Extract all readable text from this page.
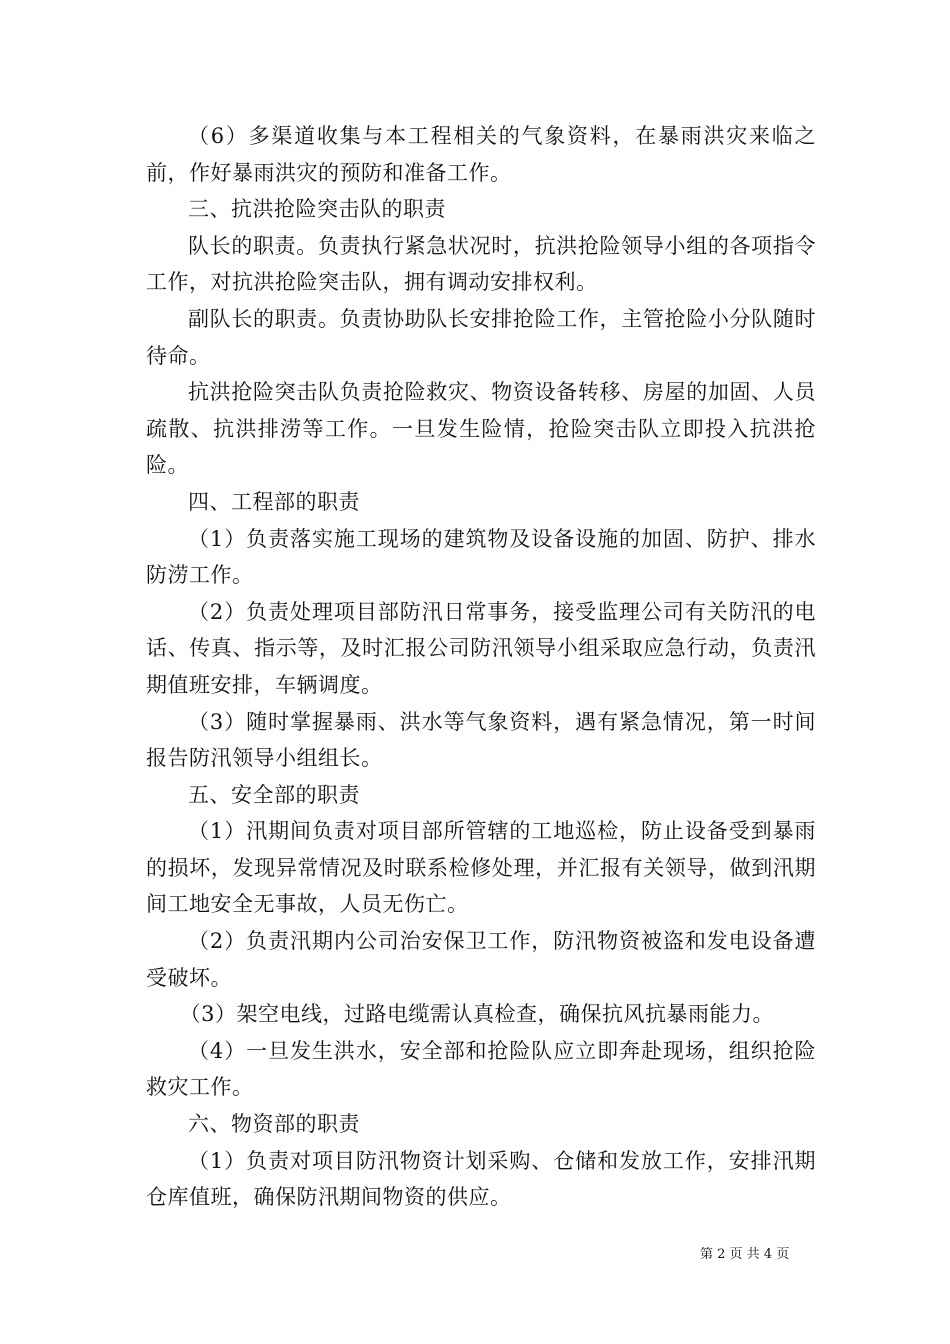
（6）多渠道收集与本工程相关的气象资料，在暴雨洪灾来临之前，作好暴雨洪灾的预防和准备工作。

三、抗洪抢险突击队的职责

队长的职责。负责执行紧急状况时，抗洪抢险领导小组的各项指令工作，对抗洪抢险突击队，拥有调动安排权利。

副队长的职责。负责协助队长安排抢险工作，主管抢险小分队随时待命。

抗洪抢险突击队负责抢险救灾、物资设备转移、房屋的加固、人员疏散、抗洪排涝等工作。一旦发生险情，抢险突击队立即投入抗洪抢险。

四、工程部的职责

（1）负责落实施工现场的建筑物及设备设施的加固、防护、排水防涝工作。

（2）负责处理项目部防汛日常事务，接受监理公司有关防汛的电话、传真、指示等，及时汇报公司防汛领导小组采取应急行动，负责汛期值班安排，车辆调度。

（3）随时掌握暴雨、洪水等气象资料，遇有紧急情况，第一时间报告防汛领导小组组长。

五、安全部的职责

（1）汛期间负责对项目部所管辖的工地巡检，防止设备受到暴雨的损坏，发现异常情况及时联系检修处理，并汇报有关领导，做到汛期间工地安全无事故，人员无伤亡。

（2）负责汛期内公司治安保卫工作，防汛物资被盗和发电设备遭受破坏。

（3）架空电线，过路电缆需认真检查，确保抗风抗暴雨能力。

（4）一旦发生洪水，安全部和抢险队应立即奔赴现场，组织抢险救灾工作。

六、物资部的职责

（1）负责对项目防汛物资计划采购、仓储和发放工作，安排汛期仓库值班，确保防汛期间物资的供应。

第 2 页 共 4 页
